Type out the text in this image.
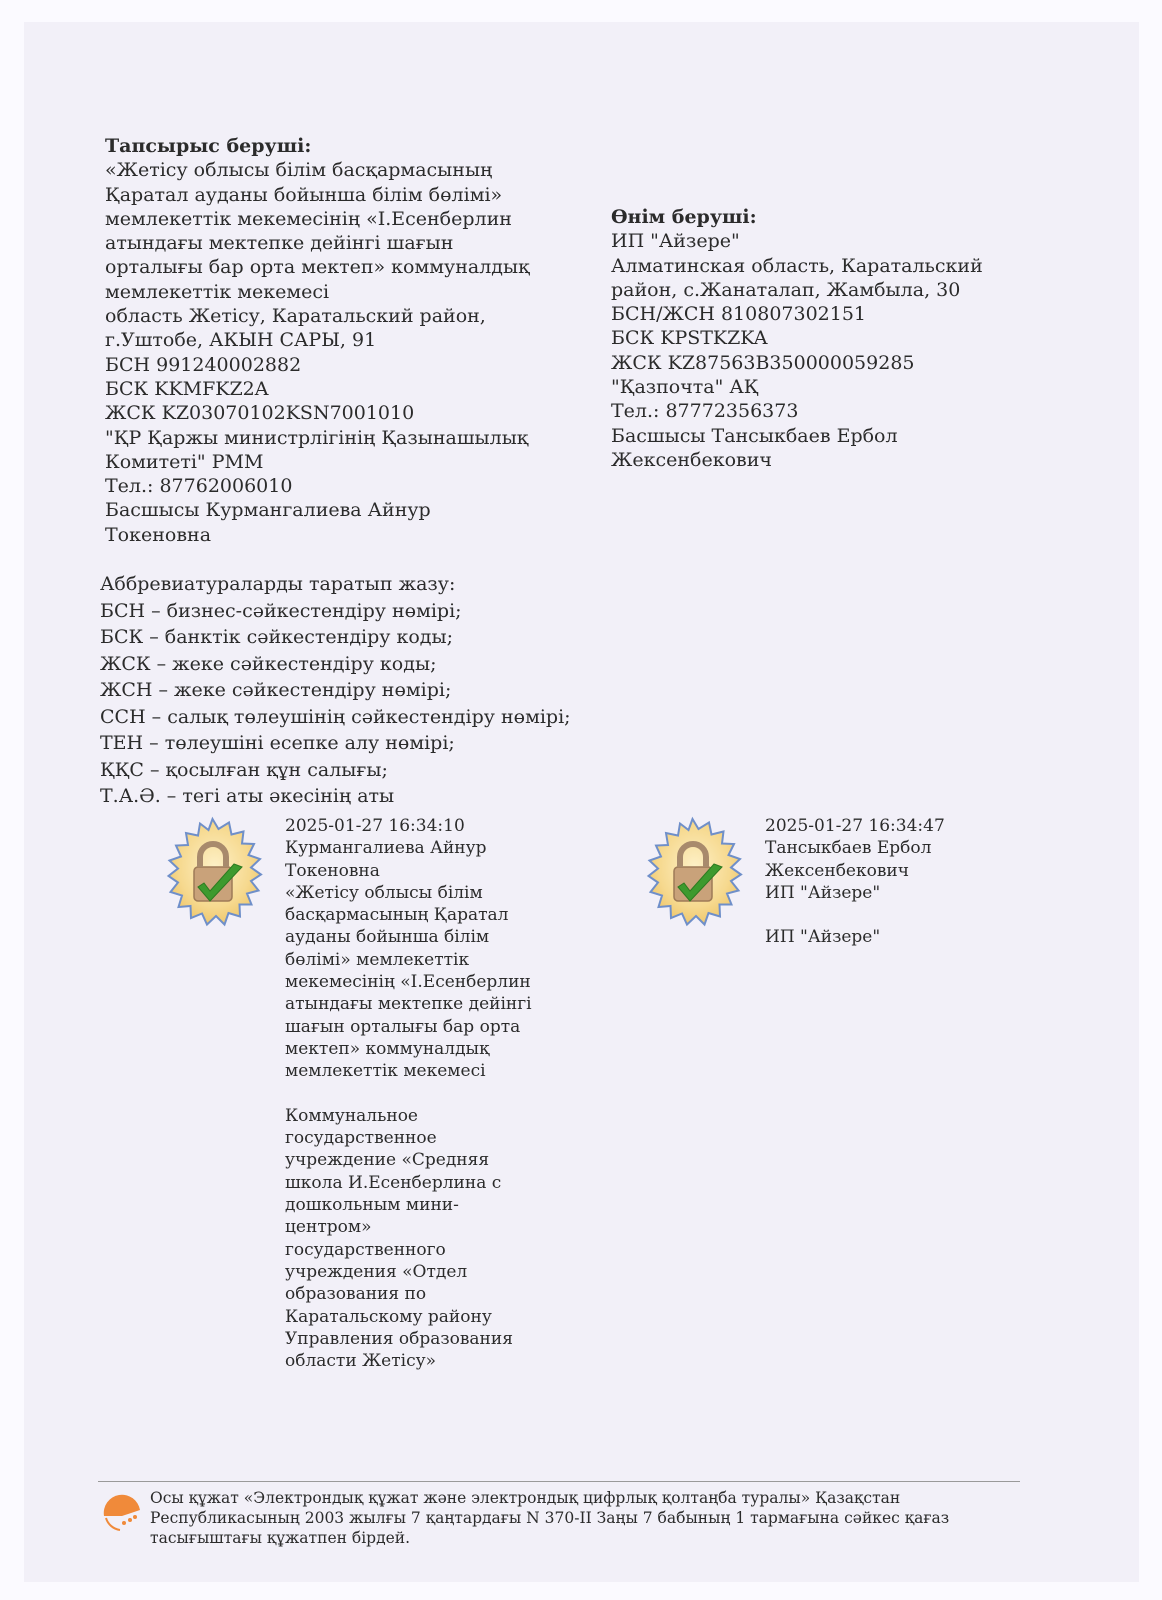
Тапсырыс беруші:
«Жетісу облысы білім басқармасының
Қаратал ауданы бойынша білім бөлімі»
мемлекеттік мекемесінің «І.Есенберлин
атындағы мектепке дейінгі шағын
орталығы бар орта мектеп» коммуналдық
мемлекеттік мекемесі
область Жетісу, Каратальский район,
г.Уштобе, АКЫН САРЫ, 91
БСН 991240002882
БСК KKMFKZ2A
ЖСК KZ03070102KSN7001010
"ҚР Қаржы министрлігінің Қазынашылық
Комитеті" РММ
Тел.: 87762006010
Басшысы Курмангалиева Айнур
Токеновна
Өнім беруші:
ИП "Айзере"
Алматинская область, Каратальский
район, с.Жанаталап, Жамбыла, 30
БСН/ЖСН 810807302151
БСК KPSTKZKA
ЖСК KZ87563B350000059285
"Қазпочта" АҚ
Тел.: 87772356373
Басшысы Тансыкбаев Ербол
Жексенбекович
Аббревиатураларды таратып жазу:
БСН – бизнес-сәйкестендіру нөмірі;
БСК – банктік сәйкестендіру коды;
ЖСК – жеке сәйкестендіру коды;
ЖСН – жеке сәйкестендіру нөмірі;
ССН – салық төлеушінің сәйкестендіру нөмірі;
ТЕН – төлеушіні есепке алу нөмірі;
ҚҚС – қосылған құн салығы;
Т.А.Ә. – тегі аты әкесінің аты
2025-01-27 16:34:10
Курмангалиева Айнур
Токеновна
«Жетісу облысы білім
басқармасының Қаратал
ауданы бойынша білім
бөлімі» мемлекеттік
мекемесінің «І.Есенберлин
атындағы мектепке дейінгі
шағын орталығы бар орта
мектеп» коммуналдық
мемлекеттік мекемесі
Коммунальное
государственное
учреждение «Средняя
школа И.Есенберлина с
дошкольным мини-
центром»
государственного
учреждения «Отдел
образования по
Каратальскому району
Управления образования
области Жетісу»
2025-01-27 16:34:47
Тансыкбаев Ербол
Жексенбекович
ИП "Айзере"
ИП "Айзере"
Осы құжат «Электрондық құжат және электрондық цифрлық қолтаңба туралы» Қазақстан
Республикасының 2003 жылғы 7 қаңтардағы N 370-II Заңы 7 бабының 1 тармағына сәйкес қағаз
тасығыштағы құжатпен бірдей.
